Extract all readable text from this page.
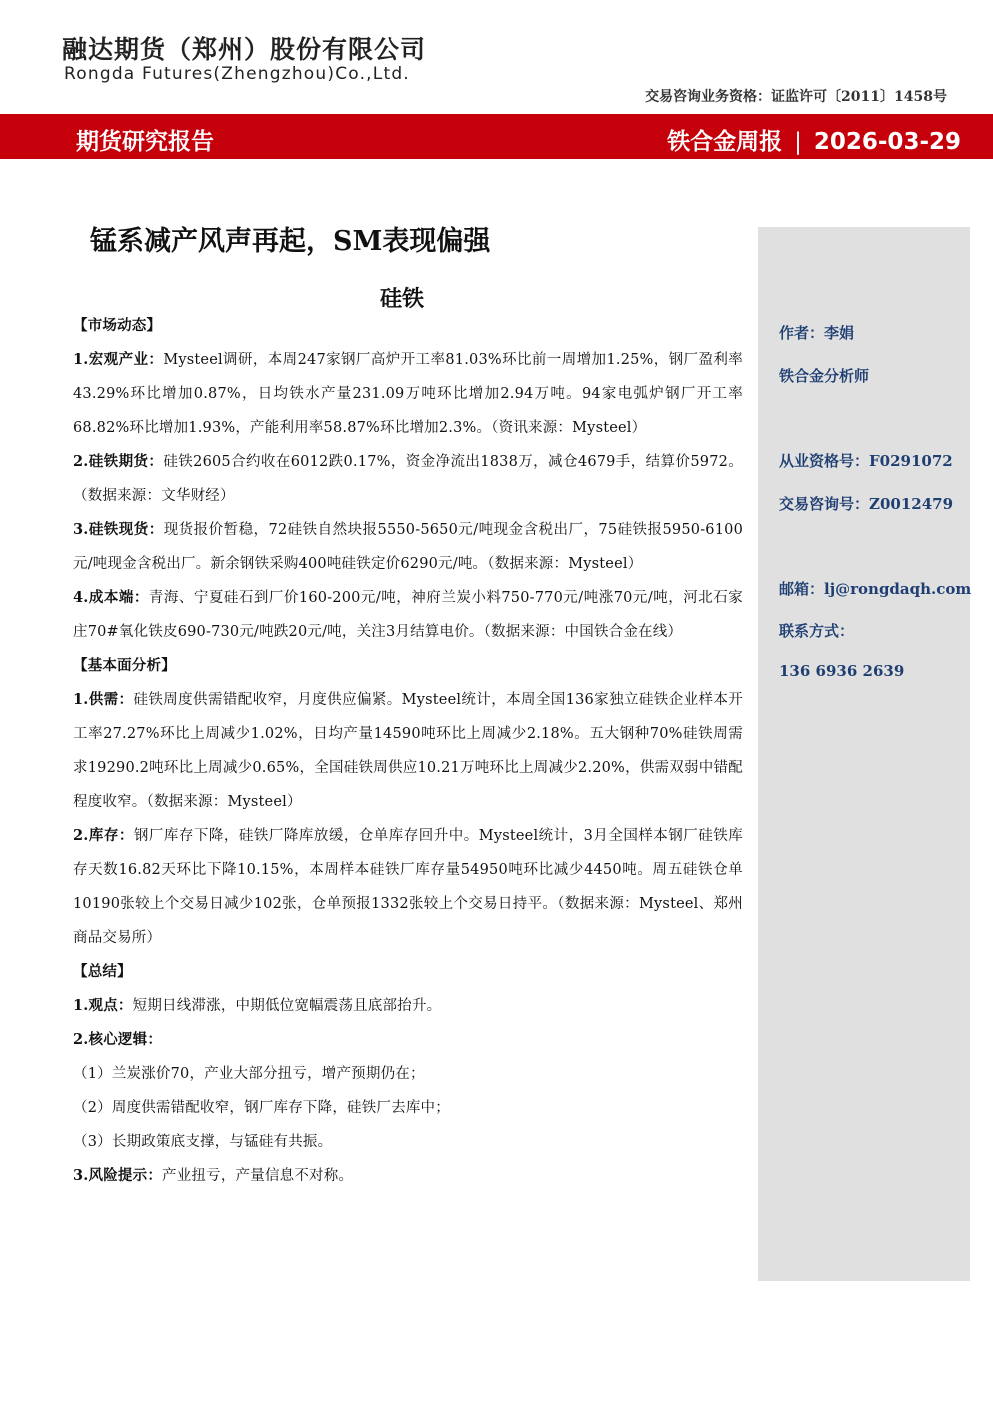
融达期货（郑州）股份有限公司
Rongda Futures(Zhengzhou)Co.,Ltd.
交易咨询业务资格：证监许可〔2011〕1458号
期货研究报告	铁合金周报 | 2026-03-29
锰系减产风声再起，SM表现偏强
硅铁
作者：李娟
铁合金分析师
从业资格号：F0291072
交易咨询号：Z0012479
邮箱：lj@rongdaqh.com
联系方式：
136 6936 2639

【市场动态】

1.宏观产业：Mysteel调研，本周247家钢厂高炉开工率81.03%环比前一周增加1.25%，钢厂盈利率43.29%环比增加0.87%，日均铁水产量231.09万吨环比增加2.94万吨。94家电弧炉钢厂开工率68.82%环比增加1.93%，产能利用率58.87%环比增加2.3%。（资讯来源：Mysteel）

2.硅铁期货：硅铁2605合约收在6012跌0.17%，资金净流出1838万，减仓4679手，结算价5972。（数据来源：文华财经）

3.硅铁现货：现货报价暂稳，72硅铁自然块报5550-5650元/吨现金含税出厂，75硅铁报5950-6100元/吨现金含税出厂。新余钢铁采购400吨硅铁定价6290元/吨。（数据来源：Mysteel）

4.成本端：青海、宁夏硅石到厂价160-200元/吨，神府兰炭小料750-770元/吨涨70元/吨，河北石家庄70#氧化铁皮690-730元/吨跌20元/吨，关注3月结算电价。（数据来源：中国铁合金在线）

【基本面分析】

1.供需：硅铁周度供需错配收窄，月度供应偏紧。Mysteel统计，本周全国136家独立硅铁企业样本开工率27.27%环比上周减少1.02%，日均产量14590吨环比上周减少2.18%。五大钢种70%硅铁周需求19290.2吨环比上周减少0.65%，全国硅铁周供应10.21万吨环比上周减少2.20%，供需双弱中错配程度收窄。（数据来源：Mysteel）

2.库存：钢厂库存下降，硅铁厂降库放缓，仓单库存回升中。Mysteel统计，3月全国样本钢厂硅铁库存天数16.82天环比下降10.15%，本周样本硅铁厂库存量54950吨环比减少4450吨。周五硅铁仓单10190张较上个交易日减少102张，仓单预报1332张较上个交易日持平。（数据来源：Mysteel、郑州商品交易所）

【总结】

1.观点：短期日线滞涨，中期低位宽幅震荡且底部抬升。

2.核心逻辑：

（1）兰炭涨价70，产业大部分扭亏，增产预期仍在；

（2）周度供需错配收窄，钢厂库存下降，硅铁厂去库中；

（3）长期政策底支撑，与锰硅有共振。

3.风险提示：产业扭亏，产量信息不对称。
